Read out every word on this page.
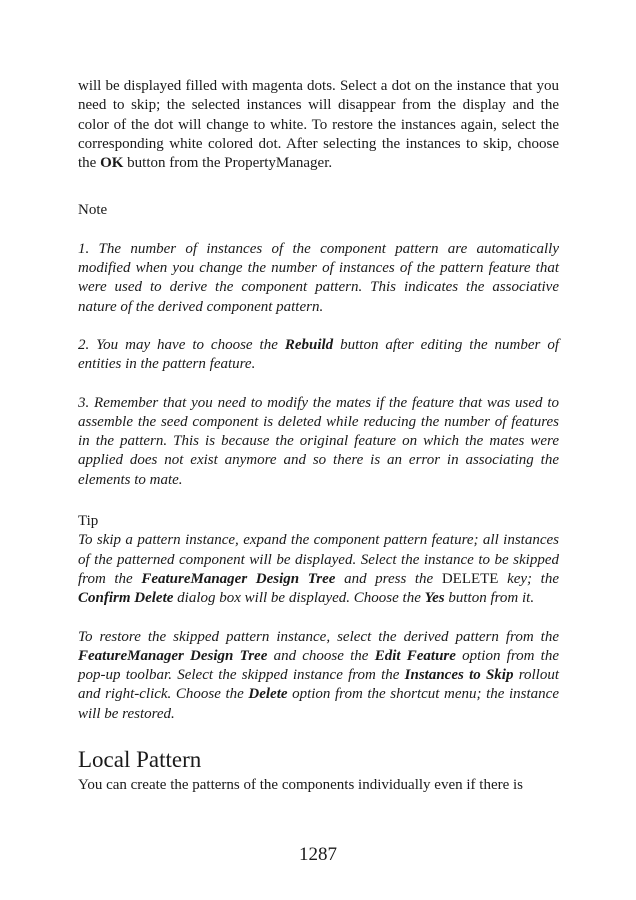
will be displayed filled with magenta dots. Select a dot on the instance that you need to skip; the selected instances will disappear from the display and the color of the dot will change to white. To restore the instances again, select the corresponding white colored dot. After selecting the instances to skip, choose the OK button from the PropertyManager.

Note

1. The number of instances of the component pattern are automatically modified when you change the number of instances of the pattern feature that were used to derive the component pattern. This indicates the associative nature of the derived component pattern.

2. You may have to choose the Rebuild button after editing the number of entities in the pattern feature.

3. Remember that you need to modify the mates if the feature that was used to assemble the seed component is deleted while reducing the number of features in the pattern. This is because the original feature on which the mates were applied does not exist anymore and so there is an error in associating the elements to mate.

Tip

To skip a pattern instance, expand the component pattern feature; all instances of the patterned component will be displayed. Select the instance to be skipped from the FeatureManager Design Tree and press the DELETE key; the Confirm Delete dialog box will be displayed. Choose the Yes button from it.

To restore the skipped pattern instance, select the derived pattern from the FeatureManager Design Tree and choose the Edit Feature option from the pop-up toolbar. Select the skipped instance from the Instances to Skip rollout and right-click. Choose the Delete option from the shortcut menu; the instance will be restored.

Local Pattern

You can create the patterns of the components individually even if there is

1287
